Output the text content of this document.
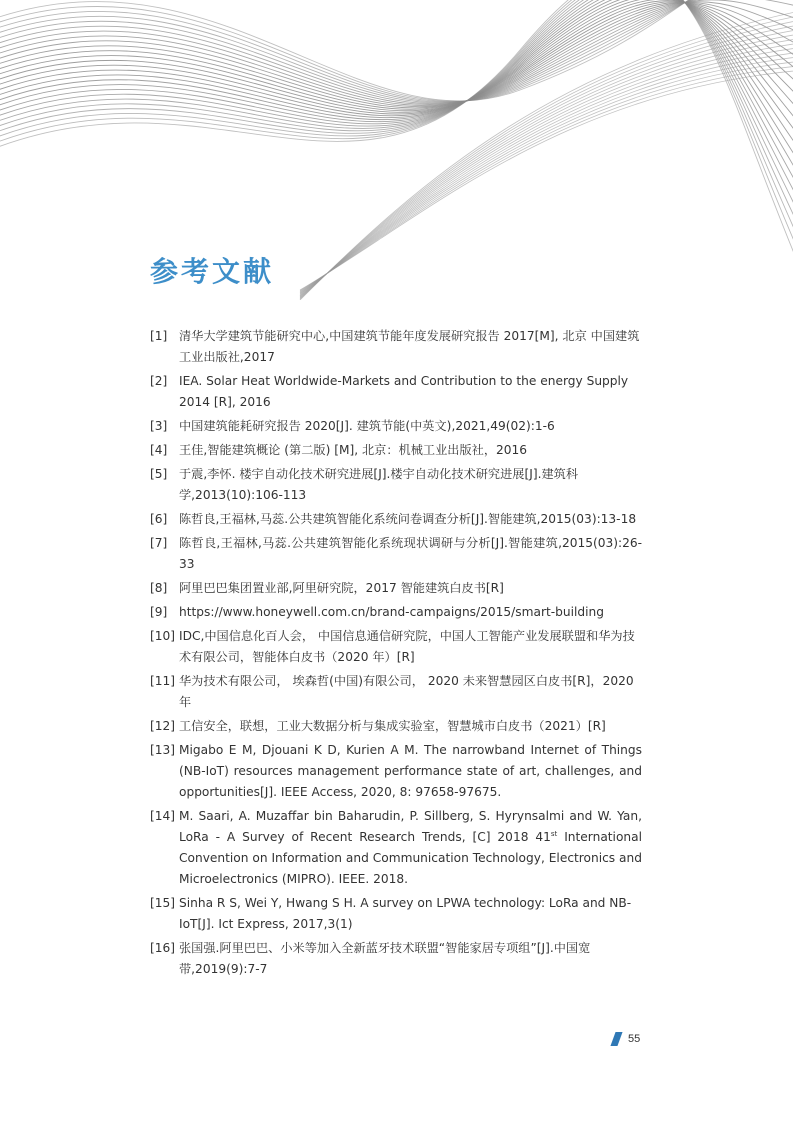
参考文献
[1] 清华大学建筑节能研究中心,中国建筑节能年度发展研究报告 2017[M], 北京 中国建筑工业出版社,2017
[2] IEA. Solar Heat Worldwide-Markets and Contribution to the energy Supply 2014 [R], 2016
[3] 中国建筑能耗研究报告 2020[J]. 建筑节能(中英文),2021,49(02):1-6
[4] 王佳,智能建筑概论 (第二版) [M], 北京：机械工业出版社，2016
[5] 于震,李怀. 楼宇自动化技术研究进展[J].楼宇自动化技术研究进展[J].建筑科学,2013(10):106-113
[6] 陈哲良,王福林,马蕊.公共建筑智能化系统问卷调查分析[J].智能建筑,2015(03):13-18
[7] 陈哲良,王福林,马蕊.公共建筑智能化系统现状调研与分析[J].智能建筑,2015(03):26-33
[8] 阿里巴巴集团置业部,阿里研究院，2017 智能建筑白皮书[R]
[9] https://www.honeywell.com.cn/brand-campaigns/2015/smart-building
[10] IDC,中国信息化百人会， 中国信息通信研究院，中国人工智能产业发展联盟和华为技术有限公司，智能体白皮书（2020 年）[R]
[11] 华为技术有限公司， 埃森哲(中国)有限公司， 2020 未来智慧园区白皮书[R]，2020 年
[12] 工信安全，联想，工业大数据分析与集成实验室，智慧城市白皮书（2021）[R]
[13] Migabo E M, Djouani K D, Kurien A M. The narrowband Internet of Things (NB-IoT) resources management performance state of art, challenges, and opportunities[J]. IEEE Access, 2020, 8: 97658-97675.
[14] M. Saari, A. Muzaffar bin Baharudin, P. Sillberg, S. Hyrynsalmi and W. Yan, LoRa - A Survey of Recent Research Trends, [C] 2018 41st International Convention on Information and Communication Technology, Electronics and Microelectronics (MIPRO). IEEE. 2018.
[15] Sinha R S, Wei Y, Hwang S H. A survey on LPWA technology: LoRa and NB-IoT[J]. Ict Express, 2017,3(1)
[16] 张国强.阿里巴巴、小米等加入全新蓝牙技术联盟“智能家居专项组”[J].中国宽带,2019(9):7-7
55
